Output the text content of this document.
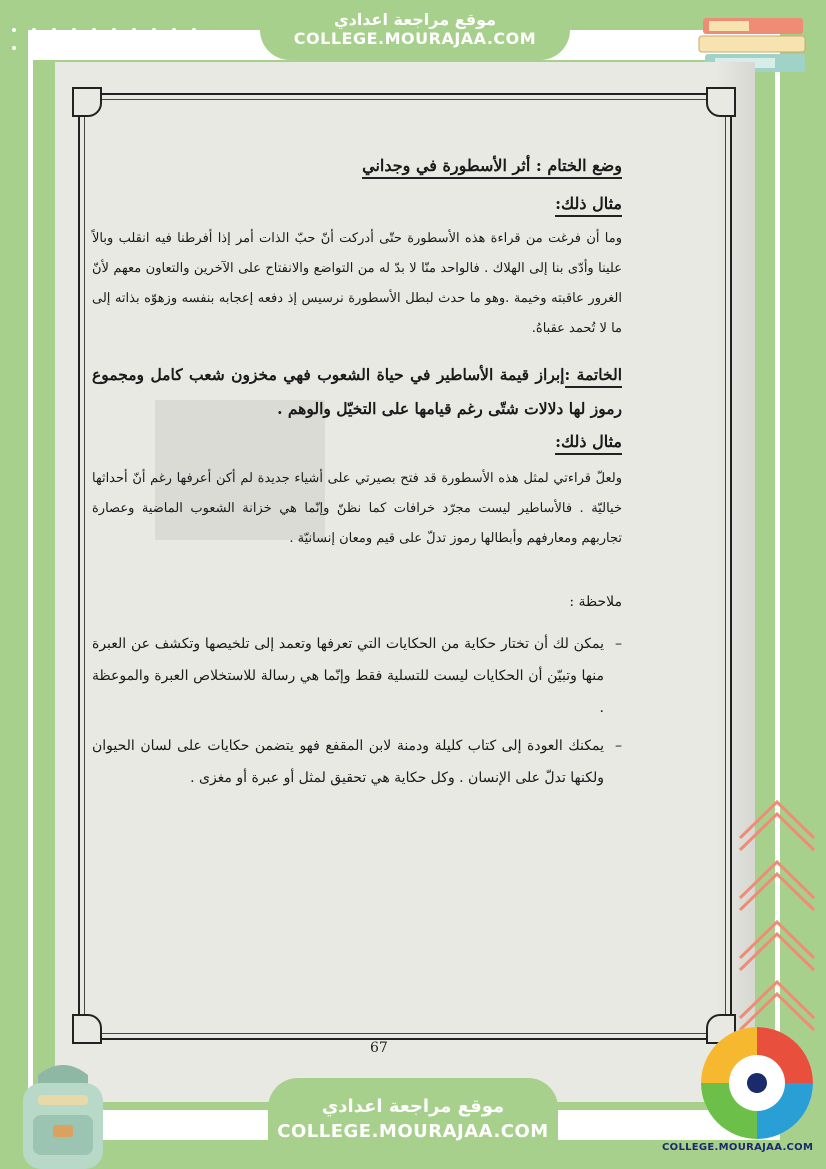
موقع مراجعة اعدادي
COLLEGE.MOURAJAA.COM
وضع الختام : أثر الأسطورة في وجداني
مثال ذلك:
وما أن فرغت من قراءة هذه الأسطورة حتّى أدركت أنّ حبّ الذات أمر إذا أفرطنا فيه انقلب وبالاً علينا وأدّى بنا إلى الهلاك . فالواحد منّا لا بدّ له من التواضع والانفتاح على الآخرين والتعاون معهم لأنّ الغرور عاقبته وخيمة .وهو ما حدث لبطل الأسطورة نرسيس إذ دفعه إعجابه بنفسه وزهوّه بذاته إلى ما لا تُحمد عقباهُ.
الخاتمة :إبراز قيمة الأساطير في حياة الشعوب فهي مخزون شعب كامل ومجموع رموز لها دلالات شتّى رغم قيامها على التخيّل والوهم .
مثال ذلك:
ولعلّ قراءتي لمثل هذه الأسطورة قد فتح بصيرتي على أشياء جديدة لم أكن أعرفها رغم أنّ أحداثها خياليّة . فالأساطير ليست مجرّد خرافات كما نظنّ وإنّما هي خزانة الشعوب الماضية وعصارة تجاربهم ومعارفهم وأبطالها رموز تدلّ على قيم ومعان إنسانيّة .
ملاحظة :
–
يمكن لك أن تختار حكاية من الحكايات التي تعرفها وتعمد إلى تلخيصها وتكشف عن العبرة منها وتبيّن أن الحكايات ليست للتسلية فقط وإنّما هي رسالة للاستخلاص العبرة والموعظة .
–
يمكنك العودة إلى كتاب كليلة ودمنة لابن المقفع فهو يتضمن حكايات على لسان الحيوان ولكنها تدلّ على الإنسان . وكل حكاية هي تحقيق لمثل أو عبرة أو مغزى .
67
موقع مراجعة اعدادي
COLLEGE.MOURAJAA.COM
COLLEGE.MOURAJAA.COM
